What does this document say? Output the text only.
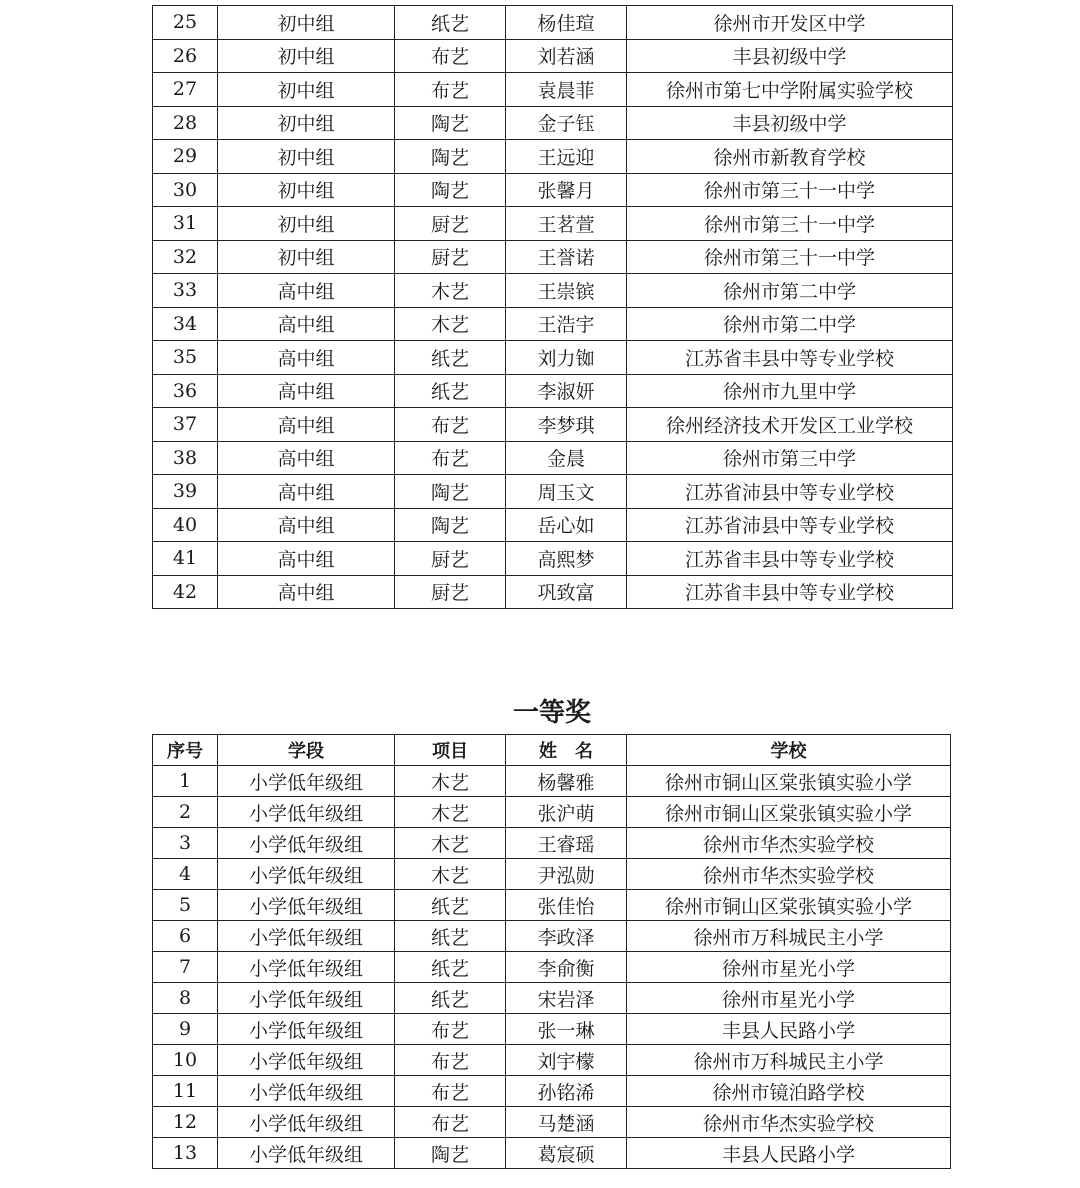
25	初中组	纸艺	杨佳瑄	徐州市开发区中学
26	初中组	布艺	刘若涵	丰县初级中学
27	初中组	布艺	袁晨菲	徐州市第七中学附属实验学校
28	初中组	陶艺	金子钰	丰县初级中学
29	初中组	陶艺	王远迎	徐州市新教育学校
30	初中组	陶艺	张馨月	徐州市第三十一中学
31	初中组	厨艺	王茗萱	徐州市第三十一中学
32	初中组	厨艺	王誉诺	徐州市第三十一中学
33	高中组	木艺	王崇镔	徐州市第二中学
34	高中组	木艺	王浩宇	徐州市第二中学
35	高中组	纸艺	刘力铷	江苏省丰县中等专业学校
36	高中组	纸艺	李淑妍	徐州市九里中学
37	高中组	布艺	李梦琪	徐州经济技术开发区工业学校
38	高中组	布艺	金晨	徐州市第三中学
39	高中组	陶艺	周玉文	江苏省沛县中等专业学校
40	高中组	陶艺	岳心如	江苏省沛县中等专业学校
41	高中组	厨艺	高熙梦	江苏省丰县中等专业学校
42	高中组	厨艺	巩致富	江苏省丰县中等专业学校
一等奖
序号	学段	项目	姓　名	学校
1	小学低年级组	木艺	杨馨雅	徐州市铜山区棠张镇实验小学
2	小学低年级组	木艺	张沪萌	徐州市铜山区棠张镇实验小学
3	小学低年级组	木艺	王睿瑶	徐州市华杰实验学校
4	小学低年级组	木艺	尹泓勋	徐州市华杰实验学校
5	小学低年级组	纸艺	张佳怡	徐州市铜山区棠张镇实验小学
6	小学低年级组	纸艺	李政泽	徐州市万科城民主小学
7	小学低年级组	纸艺	李俞衡	徐州市星光小学
8	小学低年级组	纸艺	宋岩泽	徐州市星光小学
9	小学低年级组	布艺	张一琳	丰县人民路小学
10	小学低年级组	布艺	刘宇檬	徐州市万科城民主小学
11	小学低年级组	布艺	孙铭浠	徐州市镜泊路学校
12	小学低年级组	布艺	马楚涵	徐州市华杰实验学校
13	小学低年级组	陶艺	葛宸硕	丰县人民路小学
